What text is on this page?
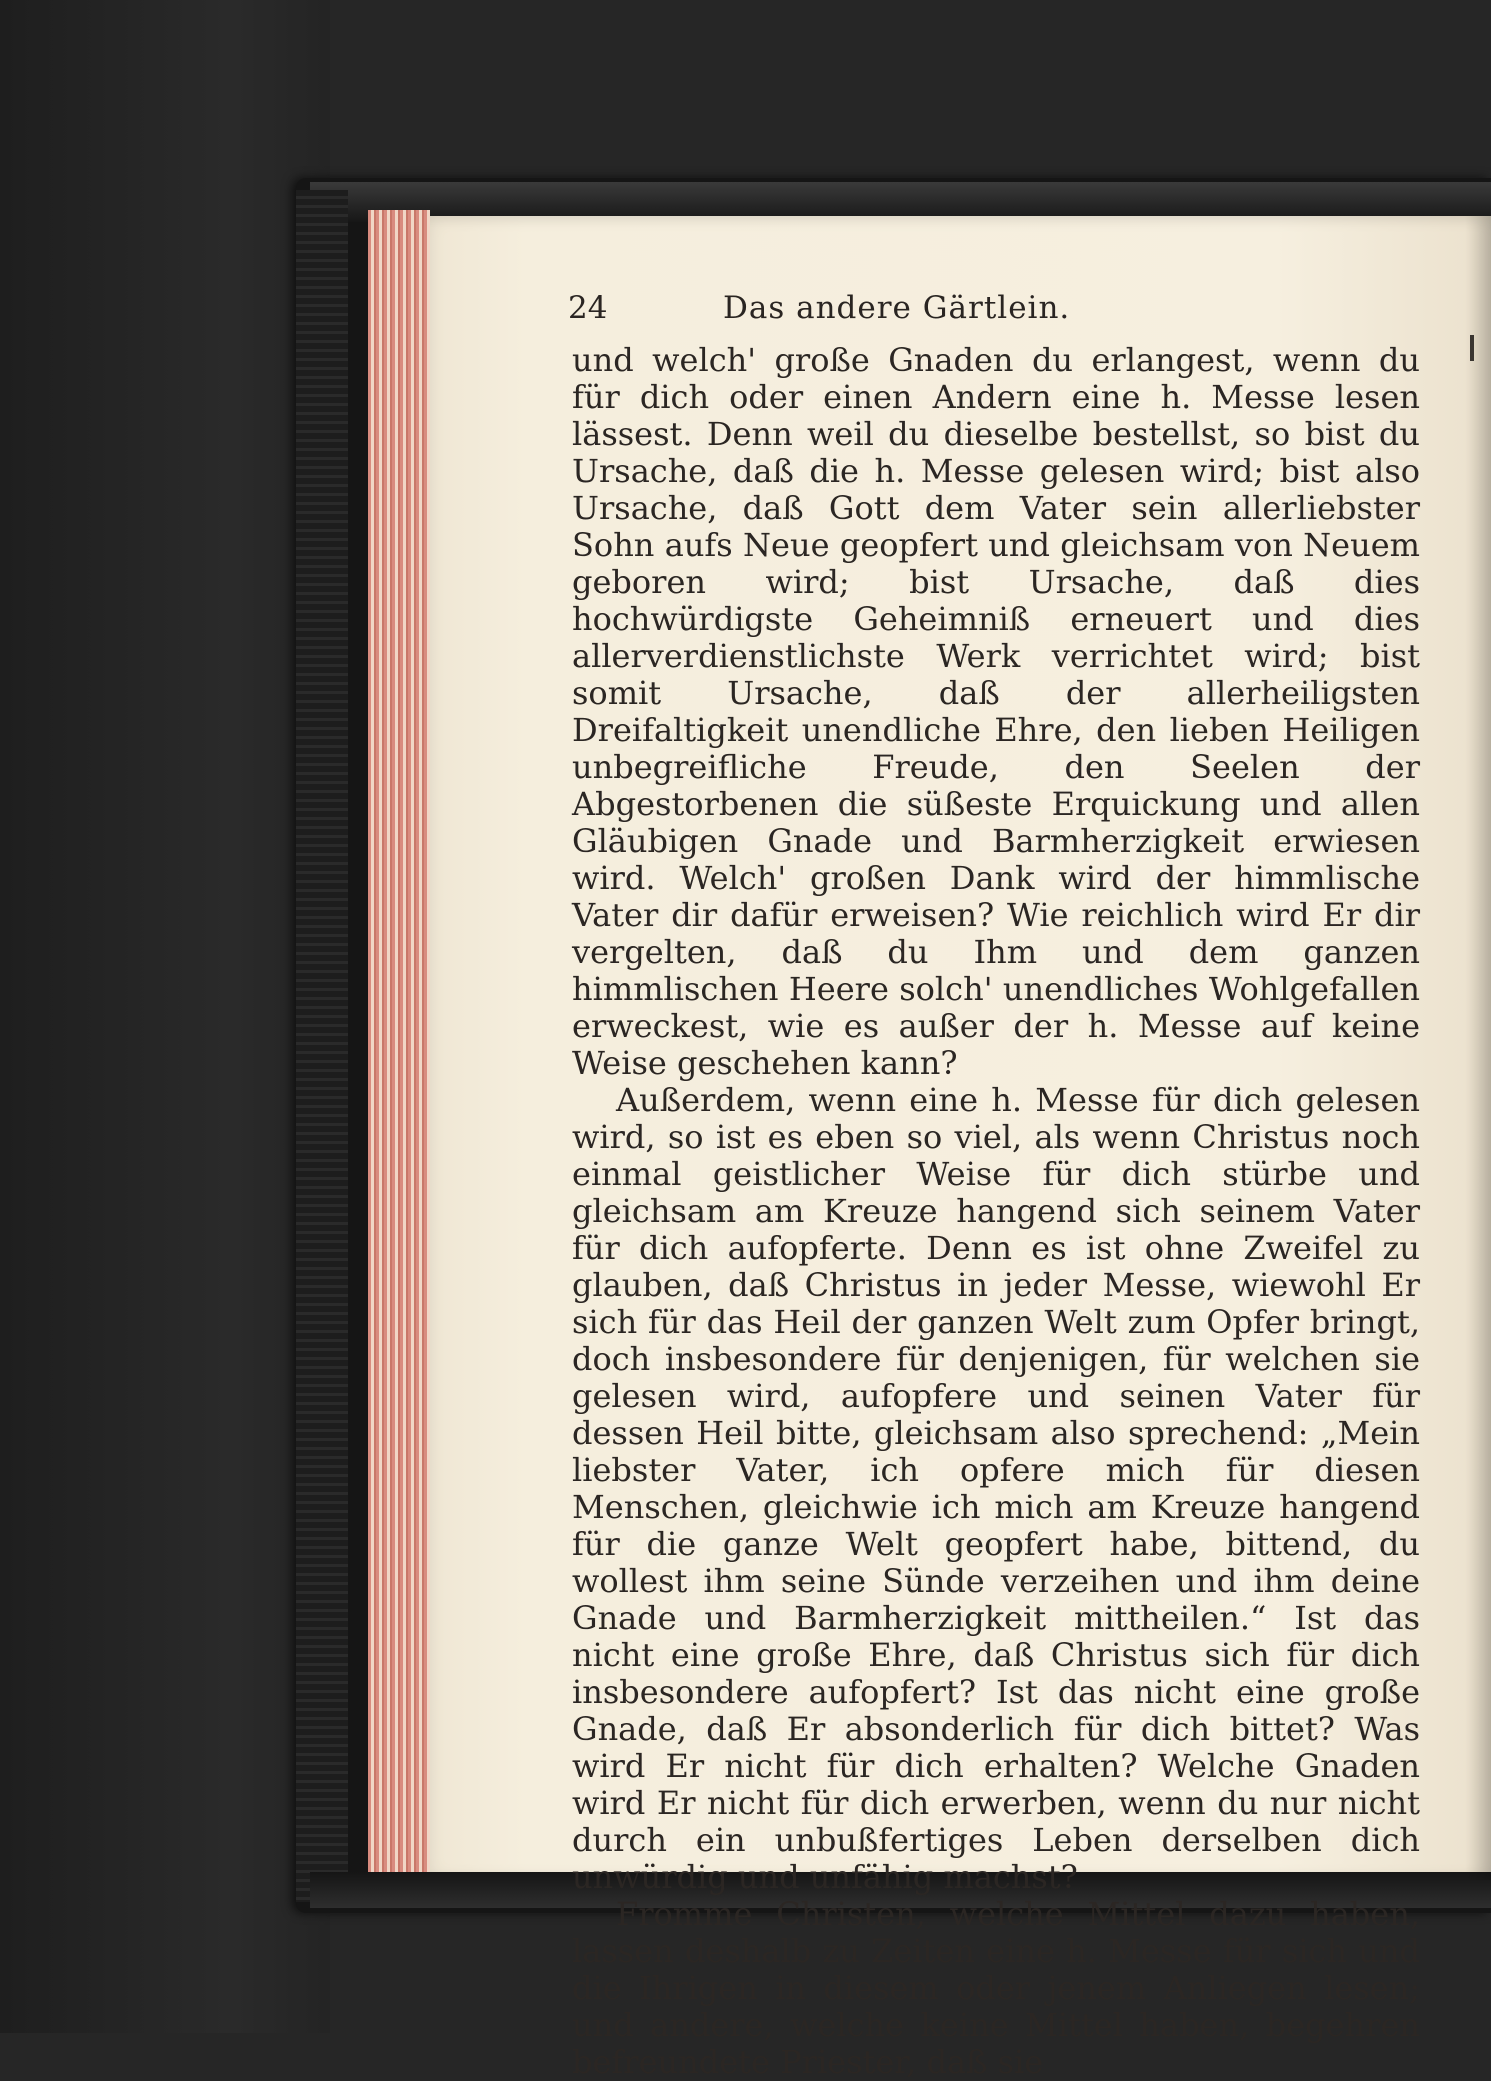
24	Das andere Gärtlein.

und welch' große Gnaden du erlangest, wenn du für dich oder einen Andern eine h. Messe lesen lässest. Denn weil du dieselbe bestellst, so bist du Ursache, daß die h. Messe gelesen wird; bist also Ursache, daß Gott dem Vater sein allerliebster Sohn aufs Neue geopfert und gleichsam von Neuem geboren wird; bist Ursache, daß dies hochwürdigste Geheimniß erneuert und dies allerverdienstlichste Werk verrichtet wird; bist somit Ursache, daß der allerheiligsten Dreifaltigkeit unendliche Ehre, den lieben Heiligen unbegreifliche Freude, den Seelen der Abgestorbenen die süßeste Erquickung und allen Gläubigen Gnade und Barmherzigkeit erwiesen wird. Welch' großen Dank wird der himmlische Vater dir dafür erweisen? Wie reichlich wird Er dir vergelten, daß du Ihm und dem ganzen himmlischen Heere solch' unendliches Wohlgefallen erweckest, wie es außer der h. Messe auf keine Weise geschehen kann?

Außerdem, wenn eine h. Messe für dich gelesen wird, so ist es eben so viel, als wenn Christus noch einmal geistlicher Weise für dich stürbe und gleichsam am Kreuze hangend sich seinem Vater für dich aufopferte. Denn es ist ohne Zweifel zu glauben, daß Christus in jeder Messe, wiewohl Er sich für das Heil der ganzen Welt zum Opfer bringt, doch insbesondere für denjenigen, für welchen sie gelesen wird, aufopfere und seinen Vater für dessen Heil bitte, gleichsam also sprechend: „Mein liebster Vater, ich opfere mich für diesen Menschen, gleichwie ich mich am Kreuze hangend für die ganze Welt geopfert habe, bittend, du wollest ihm seine Sünde verzeihen und ihm deine Gnade und Barmherzigkeit mittheilen.“ Ist das nicht eine große Ehre, daß Christus sich für dich insbesondere aufopfert? Ist das nicht eine große Gnade, daß Er absonderlich für dich bittet? Was wird Er nicht für dich erhalten? Welche Gnaden wird Er nicht für dich erwerben, wenn du nur nicht durch ein unbußfertiges Leben derselben dich unwürdig und unfähig machst?

Fromme Christen, welche Mittel dazu haben, lassen deshalb zu Zeiten eine h. Messe für sich und die Ihrigen in diesem oder jenem Anliegen lesen; und andere, welche keine Mittel haben, begehren befreundete Priester, daß sie
